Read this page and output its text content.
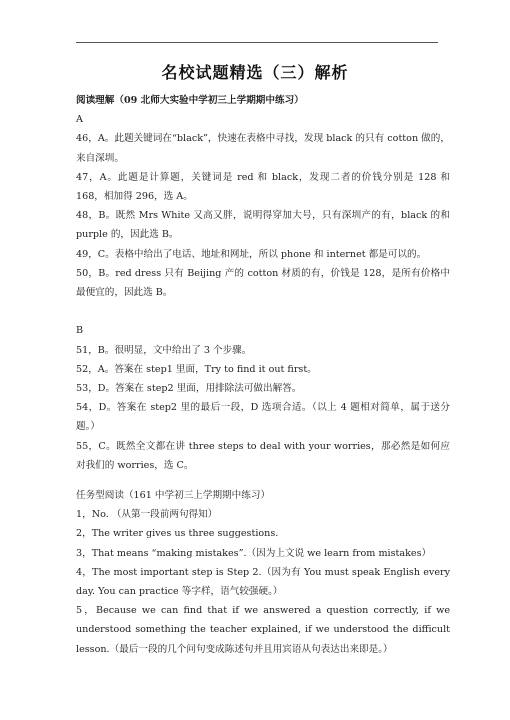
名校试题精选（三）解析

阅读理解（09 北师大实验中学初三上学期期中练习）

A

46，A。此题关键词在“black”，快速在表格中寻找，发现 black 的只有 cotton 做的，来自深圳。

47，A。此题是计算题，关键词是 red 和 black，发现二者的价钱分别是 128 和 168，相加得 296，选 A。

48，B。既然 Mrs White 又高又胖，说明得穿加大号，只有深圳产的有，black 的和 purple 的，因此选 B。

49，C。表格中给出了电话、地址和网址，所以 phone 和 internet 都是可以的。

50，B。red dress 只有 Beijing 产的 cotton 材质的有，价钱是 128，是所有价格中最便宜的，因此选 B。

B

51，B。很明显，文中给出了 3 个步骤。

52，A。答案在 step1 里面，Try to find it out first。

53，D。答案在 step2 里面，用排除法可做出解答。

54，D。答案在 step2 里的最后一段，D 选项合适。（以上 4 题相对简单，属于送分题。）

55，C。既然全文都在讲 three steps to deal with your worries，那必然是如何应对我们的 worries，选 C。

任务型阅读（161 中学初三上学期期中练习）

1，No. （从第一段前两句得知）

2，The writer gives us three suggestions.

3，That means “making mistakes”.（因为上文说 we learn from mistakes）

4，The most important step is Step 2.（因为有 You must speak English every day. You can practice 等字样，语气较强硬。）

5，Because we can find that if we answered a question correctly, if we understood something the teacher explained, if we understood the difficult lesson.（最后一段的几个问句变成陈述句并且用宾语从句表达出来即是。）
